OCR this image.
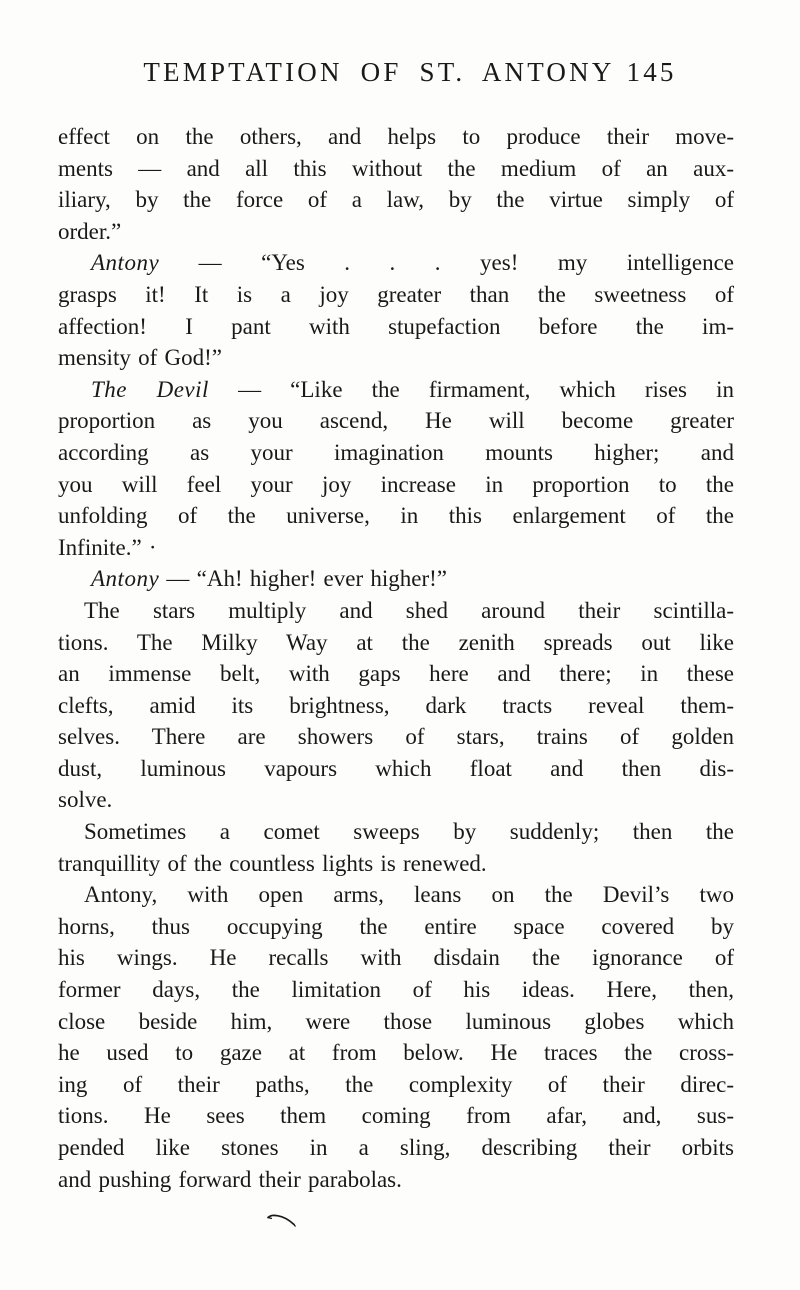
TEMPTATION OF ST. ANTONY 145
effect on the others, and helps to produce their move-
ments — and all this without the medium of an aux-
iliary, by the force of a law, by the virtue simply of
order.”
Antony — “Yes . . . yes! my intelligence
grasps it! It is a joy greater than the sweetness of
affection! I pant with stupefaction before the im-
mensity of God!”
The Devil — “Like the firmament, which rises in
proportion as you ascend, He will become greater
according as your imagination mounts higher; and
you will feel your joy increase in proportion to the
unfolding of the universe, in this enlargement of the
Infinite.” ·
Antony — “Ah! higher! ever higher!”
The stars multiply and shed around their scintilla-
tions. The Milky Way at the zenith spreads out like
an immense belt, with gaps here and there; in these
clefts, amid its brightness, dark tracts reveal them-
selves. There are showers of stars, trains of golden
dust, luminous vapours which float and then dis-
solve.
Sometimes a comet sweeps by suddenly; then the
tranquillity of the countless lights is renewed.
Antony, with open arms, leans on the Devil’s two
horns, thus occupying the entire space covered by
his wings. He recalls with disdain the ignorance of
former days, the limitation of his ideas. Here, then,
close beside him, were those luminous globes which
he used to gaze at from below. He traces the cross-
ing of their paths, the complexity of their direc-
tions. He sees them coming from afar, and, sus-
pended like stones in a sling, describing their orbits
and pushing forward their parabolas.
